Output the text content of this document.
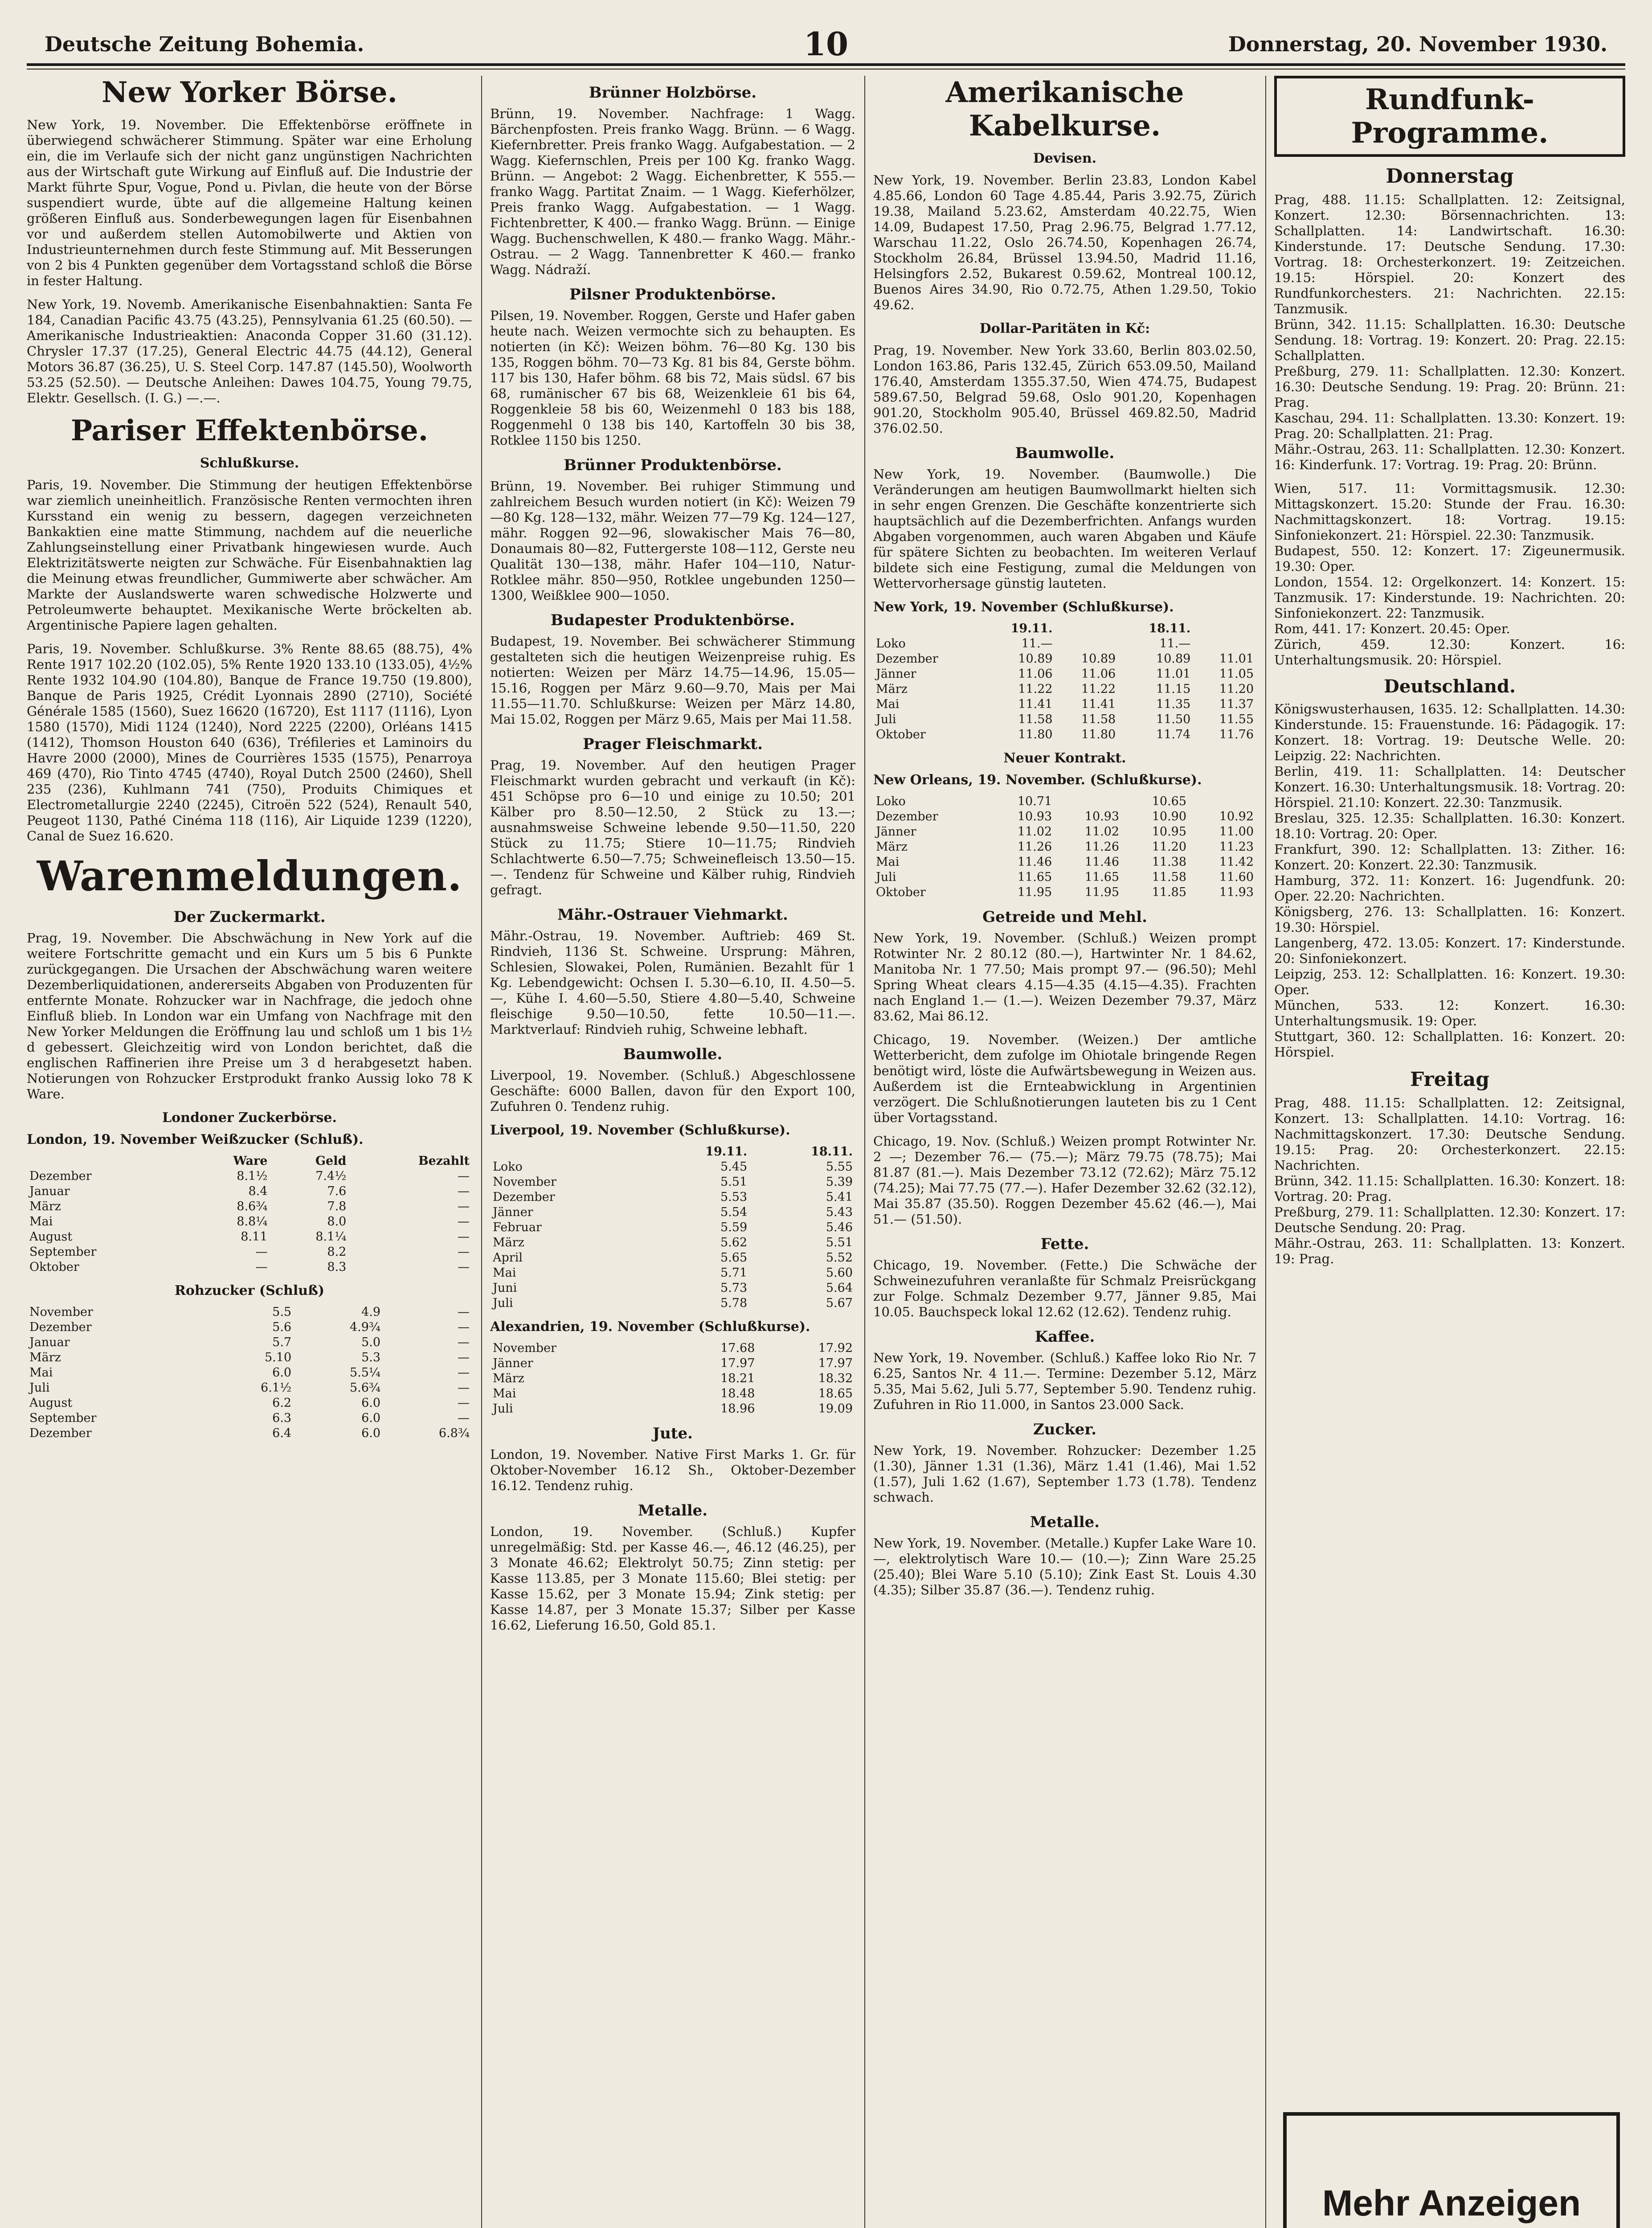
Deutsche Zeitung Bohemia.	10	Donnerstag, 20. November 1930.
New Yorker Börse.

New York, 19. November. Die Effektenbörse eröffnete in überwiegend schwächerer Stimmung. Später war eine Erholung ein, die im Verlaufe sich der nicht ganz ungünstigen Nachrichten aus der Wirtschaft gute Wirkung auf Einfluß auf. Die Industrie der Markt führte Spur, Vogue, Pond u. Pivlan, die heute von der Börse suspendiert wurde, übte auf die allgemeine Haltung keinen größeren Einfluß aus. Sonderbewegungen lagen für Eisenbahnen vor und außerdem stellen Automobilwerte und Aktien von Industrieunternehmen durch feste Stimmung auf. Mit Besserungen von 2 bis 4 Punkten gegenüber dem Vortagsstand schloß die Börse in fester Haltung.

New York, 19. Novemb. Amerikanische Eisenbahnaktien: Santa Fe 184, Canadian Pacific 43.75 (43.25), Pennsylvania 61.25 (60.50). — Amerikanische Industrieaktien: Anaconda Copper 31.60 (31.12). Chrysler 17.37 (17.25), General Electric 44.75 (44.12), General Motors 36.87 (36.25), U. S. Steel Corp. 147.87 (145.50), Woolworth 53.25 (52.50). — Deutsche Anleihen: Dawes 104.75, Young 79.75, Elektr. Gesellsch. (I. G.) —.—.

Pariser Effektenbörse.
Schlußkurse.

Paris, 19. November. Die Stimmung der heutigen Effektenbörse war ziemlich uneinheitlich. Französische Renten vermochten ihren Kursstand ein wenig zu bessern, dagegen verzeichneten Bankaktien eine matte Stimmung, nachdem auf die neuerliche Zahlungseinstellung einer Privatbank hingewiesen wurde. Auch Elektrizitätswerte neigten zur Schwäche. Für Eisenbahnaktien lag die Meinung etwas freundlicher, Gummiwerte aber schwächer. Am Markte der Auslandswerte waren schwedische Holzwerte und Petroleumwerte behauptet. Mexikanische Werte bröckelten ab. Argentinische Papiere lagen gehalten.

Paris, 19. November. Schlußkurse. 3% Rente 88.65 (88.75), 4% Rente 1917 102.20 (102.05), 5% Rente 1920 133.10 (133.05), 4½% Rente 1932 104.90 (104.80), Banque de France 19.750 (19.800), Banque de Paris 1925, Crédit Lyonnais 2890 (2710), Société Générale 1585 (1560), Suez 16620 (16720), Est 1117 (1116), Lyon 1580 (1570), Midi 1124 (1240), Nord 2225 (2200), Orléans 1415 (1412), Thomson Houston 640 (636), Tréfileries et Laminoirs du Havre 2000 (2000), Mines de Courrières 1535 (1575), Penarroya 469 (470), Rio Tinto 4745 (4740), Royal Dutch 2500 (2460), Shell 235 (236), Kuhlmann 741 (750), Produits Chimiques et Electrometallurgie 2240 (2245), Citroën 522 (524), Renault 540, Peugeot 1130, Pathé Cinéma 118 (116), Air Liquide 1239 (1220), Canal de Suez 16.620.

Warenmeldungen.
Der Zuckermarkt.

Prag, 19. November. Die Abschwächung in New York auf die weitere Fortschritte gemacht und ein Kurs um 5 bis 6 Punkte zurückgegangen. Die Ursachen der Abschwächung waren weitere Dezemberliquidationen, andererseits Abgaben von Produzenten für entfernte Monate. Rohzucker war in Nachfrage, die jedoch ohne Einfluß blieb. In London war ein Umfang von Nachfrage mit den New Yorker Meldungen die Eröffnung lau und schloß um 1 bis 1½ d gebessert. Gleichzeitig wird von London berichtet, daß die englischen Raffinerien ihre Preise um 3 d herabgesetzt haben. Notierungen von Rohzucker Erstprodukt franko Aussig loko 78 K Ware.

Londoner Zuckerbörse.
London, 19. November Weißzucker (Schluß).
	Ware	Geld	Bezahlt
Dezember	8.1½	7.4½	—
Januar	8.4	7.6	—
März	8.6¾	7.8	—
Mai	8.8¼	8.0	—
August	8.11	8.1¼	—
September	—	8.2	—
Oktober	—	8.3	—
Rohzucker (Schluß)
November	5.5	4.9	—
Dezember	5.6	4.9¾	—
Januar	5.7	5.0	—
März	5.10	5.3	—
Mai	6.0	5.5¼	—
Juli	6.1½	5.6¾	—
August	6.2	6.0	—
September	6.3	6.0	—
Dezember	6.4	6.0	6.8¾
Brünner Holzbörse.

Brünn, 19. November. Nachfrage: 1 Wagg. Bärchenpfosten. Preis franko Wagg. Brünn. — 6 Wagg. Kiefernbretter. Preis franko Wagg. Aufgabestation. — 2 Wagg. Kiefernschlen, Preis per 100 Kg. franko Wagg. Brünn. — Angebot: 2 Wagg. Eichenbretter, K 555.— franko Wagg. Partitat Znaim. — 1 Wagg. Kieferhölzer, Preis franko Wagg. Aufgabestation. — 1 Wagg. Fichtenbretter, K 400.— franko Wagg. Brünn. — Einige Wagg. Buchenschwellen, K 480.— franko Wagg. Mähr.-Ostrau. — 2 Wagg. Tannenbretter K 460.— franko Wagg. Nádraží.

Pilsner Produktenbörse.

Pilsen, 19. November. Roggen, Gerste und Hafer gaben heute nach. Weizen vermochte sich zu behaupten. Es notierten (in Kč): Weizen böhm. 76—80 Kg. 130 bis 135, Roggen böhm. 70—73 Kg. 81 bis 84, Gerste böhm. 117 bis 130, Hafer böhm. 68 bis 72, Mais südsl. 67 bis 68, rumänischer 67 bis 68, Weizenkleie 61 bis 64, Roggenkleie 58 bis 60, Weizenmehl 0 183 bis 188, Roggenmehl 0 138 bis 140, Kartoffeln 30 bis 38, Rotklee 1150 bis 1250.

Brünner Produktenbörse.

Brünn, 19. November. Bei ruhiger Stimmung und zahlreichem Besuch wurden notiert (in Kč): Weizen 79—80 Kg. 128—132, mähr. Weizen 77—79 Kg. 124—127, mähr. Roggen 92—96, slowakischer Mais 76—80, Donaumais 80—82, Futtergerste 108—112, Gerste neu Qualität 130—138, mähr. Hafer 104—110, Natur-Rotklee mähr. 850—950, Rotklee ungebunden 1250—1300, Weißklee 900—1050.

Budapester Produktenbörse.

Budapest, 19. November. Bei schwächerer Stimmung gestalteten sich die heutigen Weizenpreise ruhig. Es notierten: Weizen per März 14.75—14.96, 15.05—15.16, Roggen per März 9.60—9.70, Mais per Mai 11.55—11.70. Schlußkurse: Weizen per März 14.80, Mai 15.02, Roggen per März 9.65, Mais per Mai 11.58.

Prager Fleischmarkt.

Prag, 19. November. Auf den heutigen Prager Fleischmarkt wurden gebracht und verkauft (in Kč): 451 Schöpse pro 6—10 und einige zu 10.50; 201 Kälber pro 8.50—12.50, 2 Stück zu 13.—; ausnahmsweise Schweine lebende 9.50—11.50, 220 Stück zu 11.75; Stiere 10—11.75; Rindvieh Schlachtwerte 6.50—7.75; Schweinefleisch 13.50—15.—. Tendenz für Schweine und Kälber ruhig, Rindvieh gefragt.

Mähr.-Ostrauer Viehmarkt.

Mähr.-Ostrau, 19. November. Auftrieb: 469 St. Rindvieh, 1136 St. Schweine. Ursprung: Mähren, Schlesien, Slowakei, Polen, Rumänien. Bezahlt für 1 Kg. Lebendgewicht: Ochsen I. 5.30—6.10, II. 4.50—5.—, Kühe I. 4.60—5.50, Stiere 4.80—5.40, Schweine fleischige 9.50—10.50, fette 10.50—11.—. Marktverlauf: Rindvieh ruhig, Schweine lebhaft.

Baumwolle.

Liverpool, 19. November. (Schluß.) Abgeschlossene Geschäfte: 6000 Ballen, davon für den Export 100, Zufuhren 0. Tendenz ruhig.

Liverpool, 19. November (Schlußkurse).
	19.11.	18.11.
Loko	5.45	5.55
November	5.51	5.39
Dezember	5.53	5.41
Jänner	5.54	5.43
Februar	5.59	5.46
März	5.62	5.51
April	5.65	5.52
Mai	5.71	5.60
Juni	5.73	5.64
Juli	5.78	5.67
Alexandrien, 19. November (Schlußkurse).
November	17.68	17.92
Jänner	17.97	17.97
März	18.21	18.32
Mai	18.48	18.65
Juli	18.96	19.09
Jute.

London, 19. November. Native First Marks 1. Gr. für Oktober-November 16.12 Sh., Oktober-Dezember 16.12. Tendenz ruhig.

Metalle.

London, 19. November. (Schluß.) Kupfer unregelmäßig: Std. per Kasse 46.—, 46.12 (46.25), per 3 Monate 46.62; Elektrolyt 50.75; Zinn stetig: per Kasse 113.85, per 3 Monate 115.60; Blei stetig: per Kasse 15.62, per 3 Monate 15.94; Zink stetig: per Kasse 14.87, per 3 Monate 15.37; Silber per Kasse 16.62, Lieferung 16.50, Gold 85.1.

Amerikanische Kabelkurse.
Devisen.

New York, 19. November. Berlin 23.83, London Kabel 4.85.66, London 60 Tage 4.85.44, Paris 3.92.75, Zürich 19.38, Mailand 5.23.62, Amsterdam 40.22.75, Wien 14.09, Budapest 17.50, Prag 2.96.75, Belgrad 1.77.12, Warschau 11.22, Oslo 26.74.50, Kopenhagen 26.74, Stockholm 26.84, Brüssel 13.94.50, Madrid 11.16, Helsingfors 2.52, Bukarest 0.59.62, Montreal 100.12, Buenos Aires 34.90, Rio 0.72.75, Athen 1.29.50, Tokio 49.62.

Dollar-Paritäten in Kč:

Prag, 19. November. New York 33.60, Berlin 803.02.50, London 163.86, Paris 132.45, Zürich 653.09.50, Mailand 176.40, Amsterdam 1355.37.50, Wien 474.75, Budapest 589.67.50, Belgrad 59.68, Oslo 901.20, Kopenhagen 901.20, Stockholm 905.40, Brüssel 469.82.50, Madrid 376.02.50.

Baumwolle.

New York, 19. November. (Baumwolle.) Die Veränderungen am heutigen Baumwollmarkt hielten sich in sehr engen Grenzen. Die Geschäfte konzentrierte sich hauptsächlich auf die Dezemberfrichten. Anfangs wurden Abgaben vorgenommen, auch waren Abgaben und Käufe für spätere Sichten zu beobachten. Im weiteren Verlauf bildete sich eine Festigung, zumal die Meldungen von Wettervorhersage günstig lauteten.

New York, 19. November (Schlußkurse).
	19.11.		18.11.	
Loko	11.—		11.—	
Dezember	10.89	10.89	10.89	11.01
Jänner	11.06	11.06	11.01	11.05
März	11.22	11.22	11.15	11.20
Mai	11.41	11.41	11.35	11.37
Juli	11.58	11.58	11.50	11.55
Oktober	11.80	11.80	11.74	11.76
Neuer Kontrakt.
New Orleans, 19. November. (Schlußkurse).
Loko	10.71		10.65	
Dezember	10.93	10.93	10.90	10.92
Jänner	11.02	11.02	10.95	11.00
März	11.26	11.26	11.20	11.23
Mai	11.46	11.46	11.38	11.42
Juli	11.65	11.65	11.58	11.60
Oktober	11.95	11.95	11.85	11.93
Getreide und Mehl.

New York, 19. November. (Schluß.) Weizen prompt Rotwinter Nr. 2 80.12 (80.—), Hartwinter Nr. 1 84.62, Manitoba Nr. 1 77.50; Mais prompt 97.— (96.50); Mehl Spring Wheat clears 4.15—4.35 (4.15—4.35). Frachten nach England 1.— (1.—). Weizen Dezember 79.37, März 83.62, Mai 86.12.

Chicago, 19. November. (Weizen.) Der amtliche Wetterbericht, dem zufolge im Ohiotale bringende Regen benötigt wird, löste die Aufwärtsbewegung in Weizen aus. Außerdem ist die Ernteabwicklung in Argentinien verzögert. Die Schlußnotierungen lauteten bis zu 1 Cent über Vortagsstand.

Chicago, 19. Nov. (Schluß.) Weizen prompt Rotwinter Nr. 2 —; Dezember 76.— (75.—); März 79.75 (78.75); Mai 81.87 (81.—). Mais Dezember 73.12 (72.62); März 75.12 (74.25); Mai 77.75 (77.—). Hafer Dezember 32.62 (32.12), Mai 35.87 (35.50). Roggen Dezember 45.62 (46.—), Mai 51.— (51.50).

Fette.

Chicago, 19. November. (Fette.) Die Schwäche der Schweinezufuhren veranlaßte für Schmalz Preisrückgang zur Folge. Schmalz Dezember 9.77, Jänner 9.85, Mai 10.05. Bauchspeck lokal 12.62 (12.62). Tendenz ruhig.

Kaffee.

New York, 19. November. (Schluß.) Kaffee loko Rio Nr. 7 6.25, Santos Nr. 4 11.—. Termine: Dezember 5.12, März 5.35, Mai 5.62, Juli 5.77, September 5.90. Tendenz ruhig. Zufuhren in Rio 11.000, in Santos 23.000 Sack.

Zucker.

New York, 19. November. Rohzucker: Dezember 1.25 (1.30), Jänner 1.31 (1.36), März 1.41 (1.46), Mai 1.52 (1.57), Juli 1.62 (1.67), September 1.73 (1.78). Tendenz schwach.

Metalle.

New York, 19. November. (Metalle.) Kupfer Lake Ware 10.—, elektrolytisch Ware 10.— (10.—); Zinn Ware 25.25 (25.40); Blei Ware 5.10 (5.10); Zink East St. Louis 4.30 (4.35); Silber 35.87 (36.—). Tendenz ruhig.

Rundfunk-Programme.
Donnerstag

Prag, 488. 11.15: Schallplatten. 12: Zeitsignal, Konzert. 12.30: Börsennachrichten. 13: Schallplatten. 14: Landwirtschaft. 16.30: Kinderstunde. 17: Deutsche Sendung. 17.30: Vortrag. 18: Orchesterkonzert. 19: Zeitzeichen. 19.15: Hörspiel. 20: Konzert des Rundfunkorchesters. 21: Nachrichten. 22.15: Tanzmusik.
Brünn, 342. 11.15: Schallplatten. 16.30: Deutsche Sendung. 18: Vortrag. 19: Konzert. 20: Prag. 22.15: Schallplatten.
Preßburg, 279. 11: Schallplatten. 12.30: Konzert. 16.30: Deutsche Sendung. 19: Prag. 20: Brünn. 21: Prag.
Kaschau, 294. 11: Schallplatten. 13.30: Konzert. 19: Prag. 20: Schallplatten. 21: Prag.
Mähr.-Ostrau, 263. 11: Schallplatten. 12.30: Konzert. 16: Kinderfunk. 17: Vortrag. 19: Prag. 20: Brünn.

Wien, 517. 11: Vormittagsmusik. 12.30: Mittagskonzert. 15.20: Stunde der Frau. 16.30: Nachmittagskonzert. 18: Vortrag. 19.15: Sinfoniekonzert. 21: Hörspiel. 22.30: Tanzmusik.
Budapest, 550. 12: Konzert. 17: Zigeunermusik. 19.30: Oper.
London, 1554. 12: Orgelkonzert. 14: Konzert. 15: Tanzmusik. 17: Kinderstunde. 19: Nachrichten. 20: Sinfoniekonzert. 22: Tanzmusik.
Rom, 441. 17: Konzert. 20.45: Oper.
Zürich, 459. 12.30: Konzert. 16: Unterhaltungsmusik. 20: Hörspiel.

Deutschland.

Königswusterhausen, 1635. 12: Schallplatten. 14.30: Kinderstunde. 15: Frauenstunde. 16: Pädagogik. 17: Konzert. 18: Vortrag. 19: Deutsche Welle. 20: Leipzig. 22: Nachrichten.
Berlin, 419. 11: Schallplatten. 14: Deutscher Konzert. 16.30: Unterhaltungsmusik. 18: Vortrag. 20: Hörspiel. 21.10: Konzert. 22.30: Tanzmusik.
Breslau, 325. 12.35: Schallplatten. 16.30: Konzert. 18.10: Vortrag. 20: Oper.
Frankfurt, 390. 12: Schallplatten. 13: Zither. 16: Konzert. 20: Konzert. 22.30: Tanzmusik.
Hamburg, 372. 11: Konzert. 16: Jugendfunk. 20: Oper. 22.20: Nachrichten.
Königsberg, 276. 13: Schallplatten. 16: Konzert. 19.30: Hörspiel.
Langenberg, 472. 13.05: Konzert. 17: Kinderstunde. 20: Sinfoniekonzert.
Leipzig, 253. 12: Schallplatten. 16: Konzert. 19.30: Oper.
München, 533. 12: Konzert. 16.30: Unterhaltungsmusik. 19: Oper.
Stuttgart, 360. 12: Schallplatten. 16: Konzert. 20: Hörspiel.

Freitag

Prag, 488. 11.15: Schallplatten. 12: Zeitsignal, Konzert. 13: Schallplatten. 14.10: Vortrag. 16: Nachmittagskonzert. 17.30: Deutsche Sendung. 19.15: Prag. 20: Orchesterkonzert. 22.15: Nachrichten.
Brünn, 342. 11.15: Schallplatten. 16.30: Konzert. 18: Vortrag. 20: Prag.
Preßburg, 279. 11: Schallplatten. 12.30: Konzert. 17: Deutsche Sendung. 20: Prag.
Mähr.-Ostrau, 263. 11: Schallplatten. 13: Konzert. 19: Prag.

Mehr Anzeigen
